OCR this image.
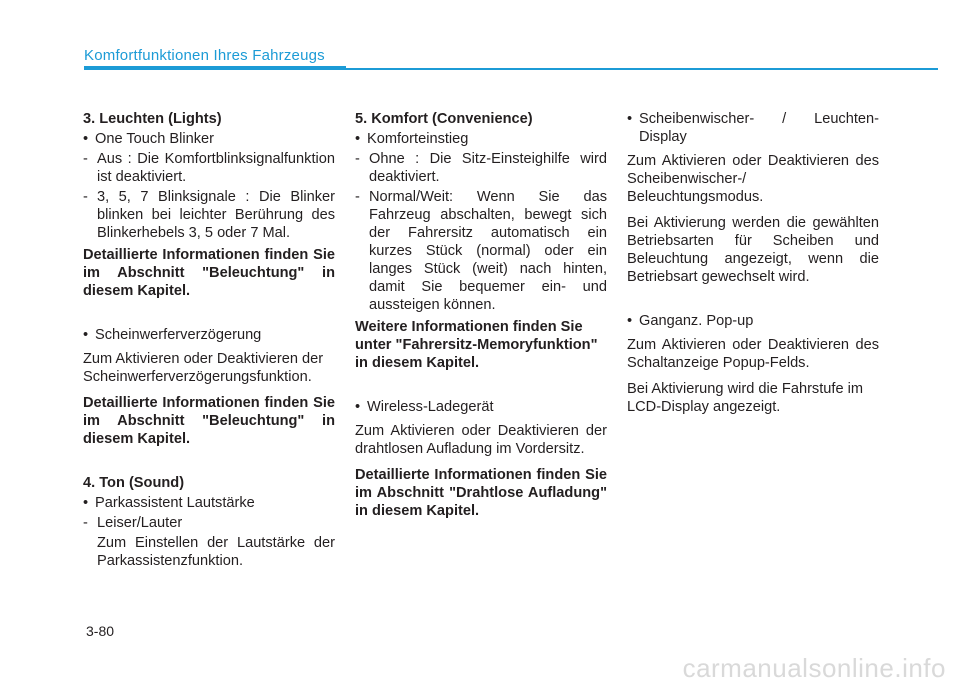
Komfortfunktionen Ihres Fahrzeugs
3. Leuchten (Lights)
• One Touch Blinker
- Aus : Die Komfortblinksignalfunktion ist deaktiviert.
- 3, 5, 7 Blinksignale : Die Blinker blinken bei leichter Berührung des Blinkerhebels 3, 5 oder 7 Mal.
Detaillierte Informationen finden Sie im Abschnitt "Beleuchtung" in diesem Kapitel.
• Scheinwerferverzögerung
Zum Aktivieren oder Deaktivieren der Scheinwerferverzögerungsfunktion.
Detaillierte Informationen finden Sie im Abschnitt "Beleuchtung" in diesem Kapitel.
4. Ton (Sound)
• Parkassistent Lautstärke
- Leiser/Lauter
Zum Einstellen der Lautstärke der Parkassistenzfunktion.
5. Komfort (Convenience)
• Komforteinstieg
- Ohne : Die Sitz-Einsteighilfe wird deaktiviert.
- Normal/Weit: Wenn Sie das Fahrzeug abschalten, bewegt sich der Fahrersitz automatisch ein kurzes Stück (normal) oder ein langes Stück (weit) nach hinten, damit Sie bequemer ein- und aussteigen können.
Weitere Informationen finden Sie unter "Fahrersitz-Memoryfunktion" in diesem Kapitel.
• Wireless-Ladegerät
Zum Aktivieren oder Deaktivieren der drahtlosen Aufladung im Vordersitz.
Detaillierte Informationen finden Sie im Abschnitt "Drahtlose Aufladung" in diesem Kapitel.
• Scheibenwischer- / Leuchten-Display
Zum Aktivieren oder Deaktivieren des Scheibenwischer-/ Beleuchtungsmodus.
Bei Aktivierung werden die gewählten Betriebsarten für Scheiben und Beleuchtung angezeigt, wenn die Betriebsart gewechselt wird.
• Ganganz. Pop-up
Zum Aktivieren oder Deaktivieren des Schaltanzeige Popup-Felds.
Bei Aktivierung wird die Fahrstufe im LCD-Display angezeigt.
3-80
carmanualsonline.info
